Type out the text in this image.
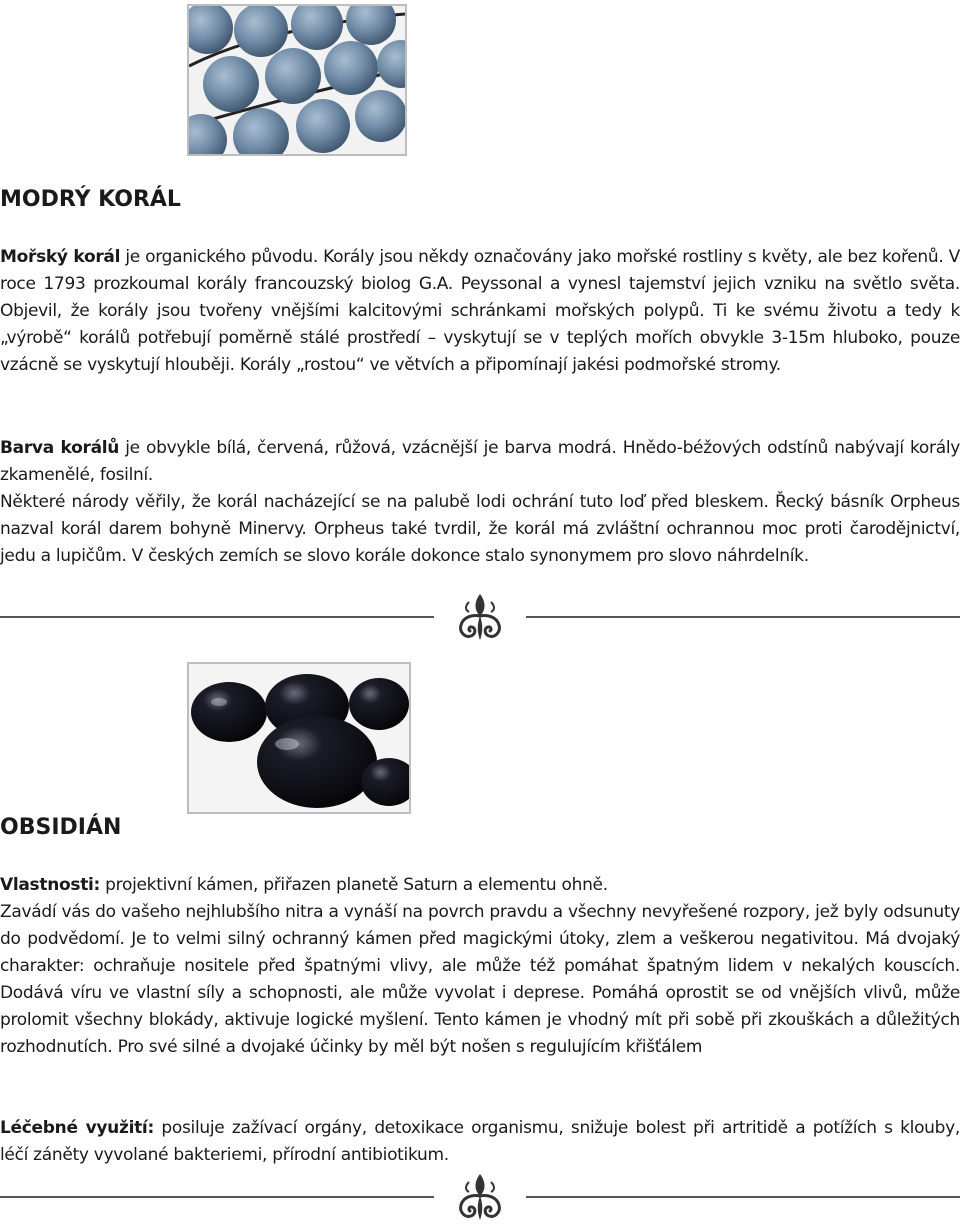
MODRÝ KORÁL

Mořský korál je organického původu. Korály jsou někdy označovány jako mořské rostliny s květy, ale bez kořenů. V roce 1793 prozkoumal korály francouzský biolog G.A. Peyssonal a vynesl tajemství jejich vzniku na světlo světa. Objevil, že korály jsou tvořeny vnějšími kalcitovými schránkami mořských polypů. Ti ke svému životu a tedy k „výrobě“ korálů potřebují poměrně stálé prostředí – vyskytují se v teplých mořích obvykle 3-15m hluboko, pouze vzácně se vyskytují hlouběji. Korály „rostou“ ve větvích a připomínají jakési podmořské stromy.

Barva korálů je obvykle bílá, červená, růžová, vzácnější je barva modrá. Hnědo-béžových odstínů nabývají korály zkamenělé, fosilní.

Některé národy věřily, že korál nacházející se na palubě lodi ochrání tuto loď před bleskem. Řecký básník Orpheus nazval korál darem bohyně Minervy. Orpheus také tvrdil, že korál má zvláštní ochrannou moc proti čarodějnictví, jedu a lupičům. V českých zemích se slovo korále dokonce stalo synonymem pro slovo náhrdelník.

OBSIDIÁN

Vlastnosti: projektivní kámen, přiřazen planetě Saturn a elementu ohně.

Zavádí vás do vašeho nejhlubšího nitra a vynáší na povrch pravdu a všechny nevyřešené rozpory, jež byly odsunuty do podvědomí. Je to velmi silný ochranný kámen před magickými útoky, zlem a veškerou negativitou. Má dvojaký charakter: ochraňuje nositele před špatnými vlivy, ale může též pomáhat špatným lidem v nekalých kouscích. Dodává víru ve vlastní síly a schopnosti, ale může vyvolat i deprese. Pomáhá oprostit se od vnějších vlivů, může prolomit všechny blokády, aktivuje logické myšlení. Tento kámen je vhodný mít při sobě při zkouškách a důležitých rozhodnutích. Pro své silné a dvojaké účinky by měl být nošen s regulujícím křišťálem

Léčebné využití: posiluje zažívací orgány, detoxikace organismu, snižuje bolest při artritidě a potížích s klouby, léčí záněty vyvolané bakteriemi, přírodní antibiotikum.
